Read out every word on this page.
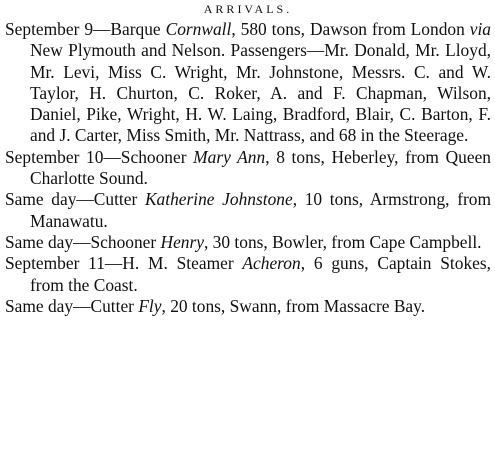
ARRIVALS.

September 9—Barque Cornwall, 580 tons, Dawson from London via New Plymouth and Nelson. Passengers—Mr. Donald, Mr. Lloyd, Mr. Levi, Miss C. Wright, Mr. Johnstone, Messrs. C. and W. Taylor, H. Churton, C. Roker, A. and F. Chapman, Wilson, Daniel, Pike, Wright, H. W. Laing, Bradford, Blair, C. Barton, F. and J. Carter, Miss Smith, Mr. Nattrass, and 68 in the Steerage.

September 10—Schooner Mary Ann, 8 tons, Heberley, from Queen Charlotte Sound.

Same day—Cutter Katherine Johnstone, 10 tons, Armstrong, from Manawatu.

Same day—Schooner Henry, 30 tons, Bowler, from Cape Campbell.

September 11—H. M. Steamer Acheron, 6 guns, Captain Stokes, from the Coast.

Same day—Cutter Fly, 20 tons, Swann, from Massacre Bay.
